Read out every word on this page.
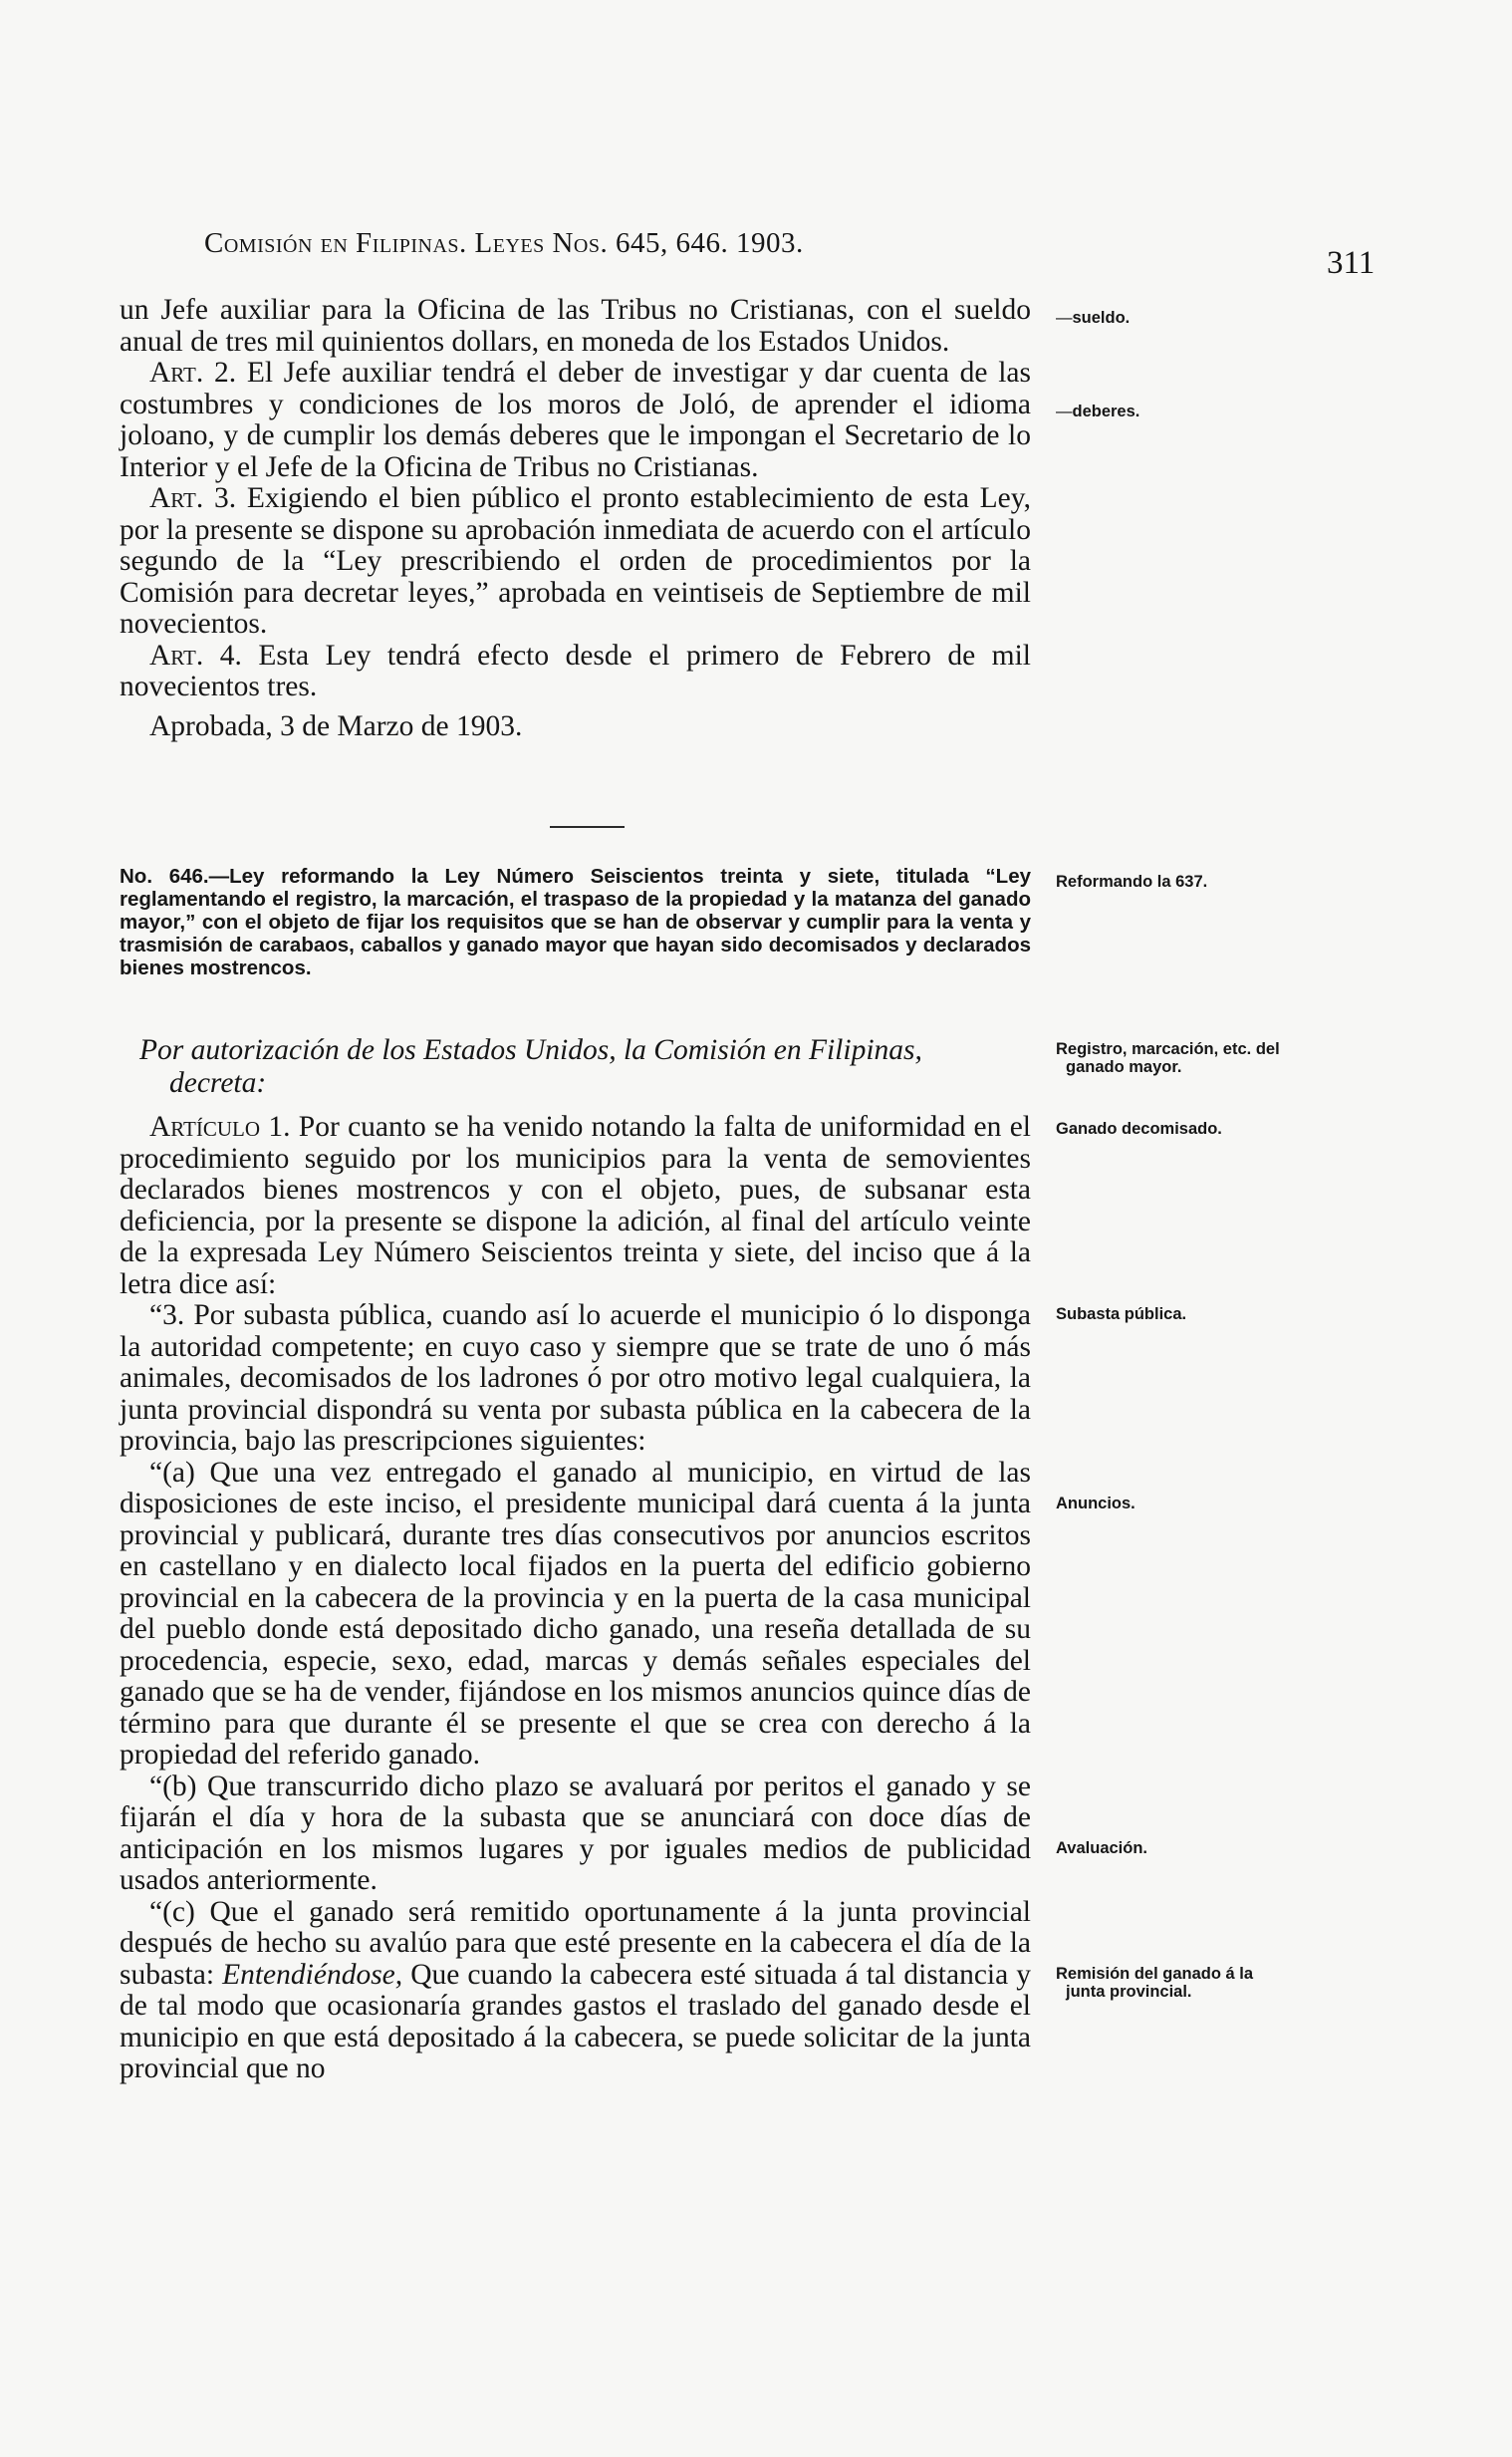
Comisión en Filipinas. Leyes Nos. 645, 646. 1903.
311

un Jefe auxiliar para la Oficina de las Tribus no Cristianas, con el sueldo anual de tres mil quinientos dollars, en moneda de los Estados Unidos.

Art. 2. El Jefe auxiliar tendrá el deber de investigar y dar cuenta de las costumbres y condiciones de los moros de Joló, de aprender el idioma joloano, y de cumplir los demás deberes que le impongan el Secretario de lo Interior y el Jefe de la Oficina de Tribus no Cristianas.

Art. 3. Exigiendo el bien público el pronto establecimiento de esta Ley, por la presente se dispone su aprobación inmediata de acuerdo con el artículo segundo de la “Ley prescribiendo el orden de procedimientos por la Comisión para decretar leyes,” aprobada en veintiseis de Septiembre de mil novecientos.

Art. 4. Esta Ley tendrá efecto desde el primero de Febrero de mil novecientos tres.

Aprobada, 3 de Marzo de 1903.

No. 646.—Ley reformando la Ley Número Seiscientos treinta y siete, titulada “Ley reglamentando el registro, la marcación, el traspaso de la propiedad y la matanza del ganado mayor,” con el objeto de fijar los requisitos que se han de observar y cumplir para la venta y trasmisión de carabaos, caballos y ganado mayor que hayan sido decomisados y declarados bienes mostrencos.
Por autorización de los Estados Unidos, la Comisión en Filipinas,
decreta:

Artículo 1. Por cuanto se ha venido notando la falta de uniformidad en el procedimiento seguido por los municipios para la venta de semovientes declarados bienes mostrencos y con el objeto, pues, de subsanar esta deficiencia, por la presente se dispone la adición, al final del artículo veinte de la expresada Ley Número Seiscientos treinta y siete, del inciso que á la letra dice así:

“3. Por subasta pública, cuando así lo acuerde el municipio ó lo disponga la autoridad competente; en cuyo caso y siempre que se trate de uno ó más animales, decomisados de los ladrones ó por otro motivo legal cualquiera, la junta provincial dispondrá su venta por subasta pública en la cabecera de la provincia, bajo las prescripciones siguientes:

“(a) Que una vez entregado el ganado al municipio, en virtud de las disposiciones de este inciso, el presidente municipal dará cuenta á la junta provincial y publicará, durante tres días consecutivos por anuncios escritos en castellano y en dialecto local fijados en la puerta del edificio gobierno provincial en la cabecera de la provincia y en la puerta de la casa municipal del pueblo donde está depositado dicho ganado, una reseña detallada de su procedencia, especie, sexo, edad, marcas y demás señales especiales del ganado que se ha de vender, fijándose en los mismos anuncios quince días de término para que durante él se presente el que se crea con derecho á la propiedad del referido ganado.

“(b) Que transcurrido dicho plazo se avaluará por peritos el ganado y se fijarán el día y hora de la subasta que se anunciará con doce días de anticipación en los mismos lugares y por iguales medios de publicidad usados anteriormente.

“(c) Que el ganado será remitido oportunamente á la junta provincial después de hecho su avalúo para que esté presente en la cabecera el día de la subasta: Entendiéndose, Que cuando la cabecera esté situada á tal distancia y de tal modo que ocasionaría grandes gastos el traslado del ganado desde el municipio en que está depositado á la cabecera, se puede solicitar de la junta provincial que no

—sueldo.
—deberes.
Reformando la 637.
Registro, marcación, etc. del ganado mayor.
Ganado decomisado.
Subasta pública.
Anuncios.
Avaluación.
Remisión del ganado á la junta provincial.
